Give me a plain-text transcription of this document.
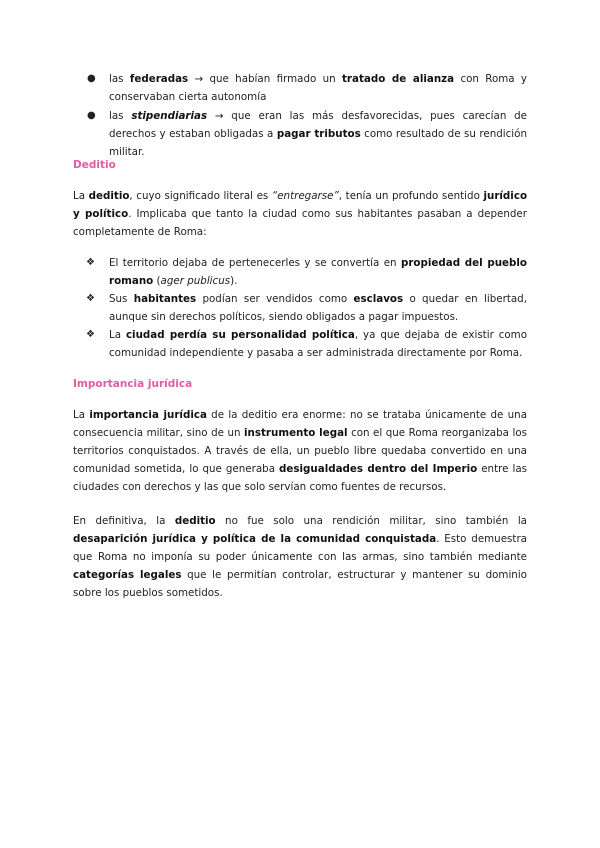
● las federadas → que habían firmado un tratado de alianza con Roma y conservaban cierta autonomía
● las stipendiarias → que eran las más desfavorecidas, pues carecían de derechos y estaban obligadas a pagar tributos como resultado de su rendición militar.
Deditio
La deditio, cuyo significado literal es “entregarse”, tenía un profundo sentido jurídico y político. Implicaba que tanto la ciudad como sus habitantes pasaban a depender completamente de Roma:
❖ El territorio dejaba de pertenecerles y se convertía en propiedad del pueblo romano (ager publicus).
❖ Sus habitantes podían ser vendidos como esclavos o quedar en libertad, aunque sin derechos políticos, siendo obligados a pagar impuestos.
❖ La ciudad perdía su personalidad política, ya que dejaba de existir como comunidad independiente y pasaba a ser administrada directamente por Roma.
Importancia jurídica
La importancia jurídica de la deditio era enorme: no se trataba únicamente de una consecuencia militar, sino de un instrumento legal con el que Roma reorganizaba los territorios conquistados. A través de ella, un pueblo libre quedaba convertido en una comunidad sometida, lo que generaba desigualdades dentro del Imperio entre las ciudades con derechos y las que solo servían como fuentes de recursos.
En definitiva, la deditio no fue solo una rendición militar, sino también la desaparición jurídica y política de la comunidad conquistada. Esto demuestra que Roma no imponía su poder únicamente con las armas, sino también mediante categorías legales que le permitían controlar, estructurar y mantener su dominio sobre los pueblos sometidos.
